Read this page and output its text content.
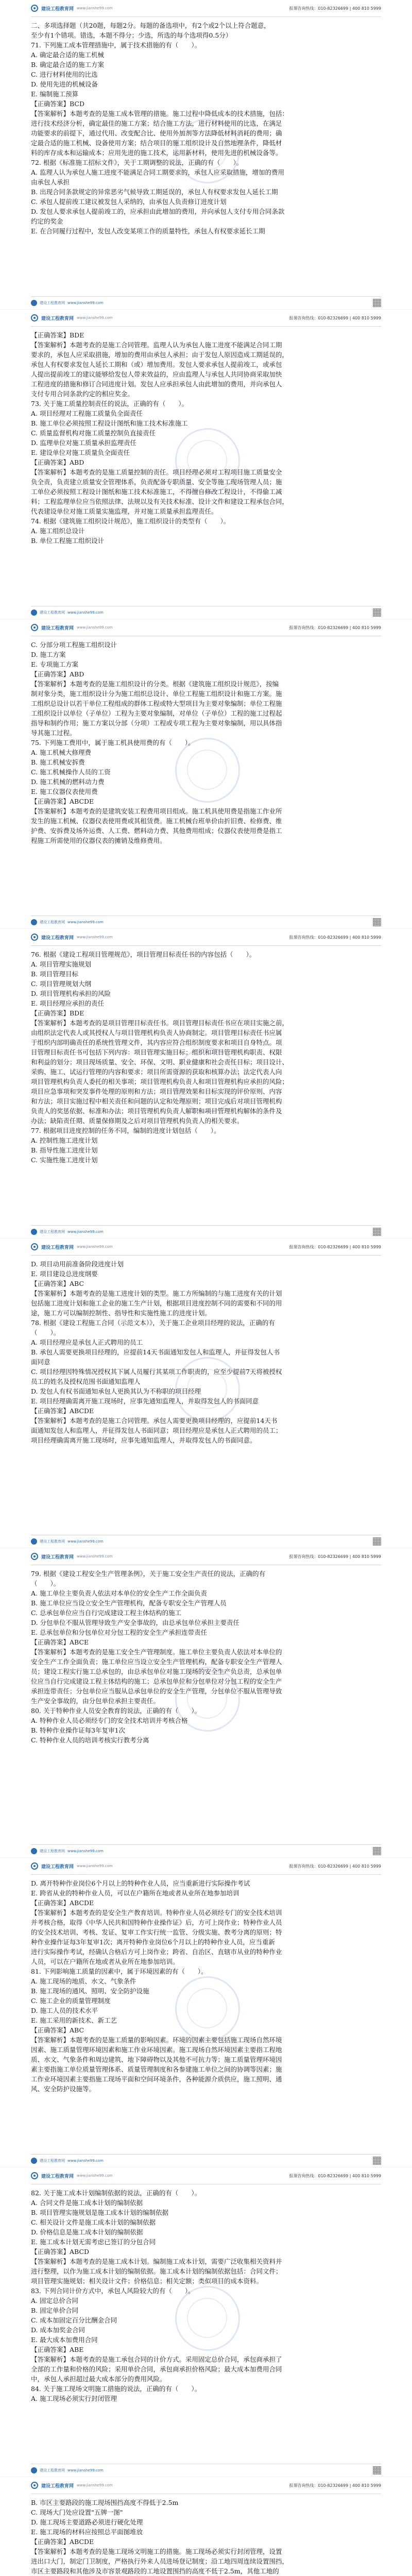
建设工程教育网 www.jianshe99.com	报课咨询热线：010-82326699 | 400 810 5999
二、多项选择题（共20题，每题2分。每题的备选项中，有2个或2个以上符合题意，
至少有1个错项。错选，本题不得分；少选，所选的每个选项得0.5分）
71. 下列施工成本管理措施中，属于技术措施的有（　　）。
A. 确定最合适的施工机械
B. 确定最合适的施工方案
C. 进行材料使用的比选
D. 使用先进的机械设备
E. 编制施工预算
【正确答案】BCD
【答案解析】本题考查的是施工成本管理的措施。施工过程中降低成本的技术措施，包括：
进行技术经济分析，确定最佳的施工方案；结合施工方法，进行材料使用的比选，在满足
功能要求的前提下，通过代用、改变配合比、使用外加剂等方法降低材料消耗的费用；确
定最合适的施工机械、设备使用方案；结合项目的施工组织设计及自然地理条件，降低材
料的库存成本和运输成本；应用先进的施工技术，运用新材料，使用先进的机械设备等。
72. 根据《标准施工招标文件》，关于工期调整的说法，正确的有（　　）。
A. 监理人认为承包人施工进度不能满足合同工期要求的，承包人应采取措施，增加的费用
由承包人承担
B. 出现合同条款规定的异常恶劣气候导致工期延误的，承包人有权要求发包人延长工期
C. 承包人提前竣工建议被发包人采纳的，由承包人负责修订进度计划
D. 发包人要求承包人提前竣工的，应承担由此增加的费用，并向承包人支付专用合同条款
约定的奖金
E. 在合同履行过程中，发包人改变某项工作的质量特性，承包人有权要求延长工期
建设工程教育网 www.jianshe99.com
建设工程教育网 www.jianshe99.com	报课咨询热线：010-82326699 | 400 810 5999
【正确答案】BDE
【答案解析】本题考查的是施工合同管理。监理人认为承包人施工进度不能满足合同工期
要求的，承包人应采取措施，增加的费用由承包人承担；由于发包人原因造成工期延误的，
承包人有权要求发包人延长工期和（或）增加费用。发包人要求承包人提前竣工，或承包
人提出提前竣工的建议能够给发包人带来效益的，应由监理人与承包人共同协商采取加快
工程进度的措施和修订合同进度计划。发包人应承担承包人由此增加的费用，并向承包人
支付专用合同条款约定的相应奖金。
73. 关于施工质量控制责任的说法，正确的有（　　）。
A. 项目经理对工程施工质量负全面责任
B. 施工单位必须按照工程设计图纸和施工技术标准施工
C. 质量监督机构对施工质量控制负直接责任
D. 监理单位对施工质量承担监理责任
E. 建设单位对施工质量负全面责任
【正确答案】ABD
【答案解析】本题考查的是施工质量控制的责任。项目经理必须对工程项目施工质量安全
负全责，负责建立质量安全管理体系，负责配备专职质量、安全等施工现场管理人员；施
工单位必须按照工程设计图纸和施工技术标准施工，不得擅自修改工程设计，不得偷工减
料；工程监理单位应当依照法律、法规以及有关技术标准、设计文件和建设工程承包合同，
代表建设单位对施工质量实施监理，并对施工质量承担监理责任。
74. 根据《建筑施工组织设计规范》，施工组织设计的类型有（　　）。
A. 施工组织总设计
B. 单位工程施工组织设计
建设工程教育网 www.jianshe99.com
建设工程教育网 www.jianshe99.com	报课咨询热线：010-82326699 | 400 810 5999
C. 分部分项工程施工组织设计
D. 施工方案
E. 专项施工方案
【正确答案】ABD
【答案解析】本题考查的是施工组织设计的分类。根据《建筑施工组织设计规范》，按编
制对象分类，施工组织设计分为施工组织总设计、单位工程施工组织设计和施工方案。施
工组织总设计以若干单位工程组成的群体工程或特大型项目为主要对象编制；单位工程施
工组织设计以单位（子单位）工程为主要对象编制，对单位（子单位）工程的施工过程起
指导和制约作用；施工方案以分部（分项）工程或专项工程为主要对象编制，用以具体指
导其施工过程。
75. 下列施工费用中，属于施工机具使用费的有（　　）。
A. 施工机械大修理费
B. 施工机械安拆费
C. 施工机械操作人员的工资
D. 施工机械的燃料动力费
E. 施工仪器仪表使用费
【正确答案】ABCDE
【答案解析】本题考查的是建筑安装工程费用项目组成。施工机具使用费是指施工作业所
发生的施工机械、仪器仪表使用费或其租赁费。施工机械台班单价由折旧费、检修费、维
护费、安拆费及场外运费、人工费、燃料动力费、其他费用组成；仪器仪表使用费是指工
程施工所需使用的仪器仪表的摊销及维修费用。
建设工程教育网 www.jianshe99.com
建设工程教育网 www.jianshe99.com	报课咨询热线：010-82326699 | 400 810 5999
76. 根据《建设工程项目管理规范》，项目管理目标责任书的内容包括（　　）。
A. 项目管理实施规划
B. 项目管理目标
C. 项目管理规划大纲
D. 项目管理机构承担的风险
E. 项目经理应承担的责任
【正确答案】BDE
【答案解析】本题考查的是项目管理目标责任书。项目管理目标责任书应在项目实施之前，
由组织法定代表人或其授权人与项目管理机构负责人协商制定。项目管理目标责任书应属
于组织内部明确责任的系统性管理文件，其内容应符合组织制度要求和项目自身特点。项
目管理目标责任书可包括下列内容：项目管理实施目标；组织和项目管理机构职责、权限
和利益的划分；项目现场质量、安全、环保、文明、职业健康和社会责任目标；项目设计、
采购、施工、试运行管理的内容和要求；项目所需资源的获取和核算办法；法定代表人向
项目管理机构负责人委托的相关事项；项目管理机构负责人和项目管理机构应承担的风险；
项目应急事项和突发事件处理的原则和方法；项目管理效果和目标实现的评价原则、内容
和方法；项目实施过程中相关责任和问题的认定和处理原则；项目完成后对项目管理机构
负责人的奖惩依据、标准和办法；项目管理机构负责人解职和项目管理机构解体的条件及
办法；缺陷责任期、质量保修期及之后对项目管理机构负责人的相关要求。
77. 根据项目进度控制的任务不同，编制的进度计划包括（　　）。
A. 控制性施工进度计划
B. 指导性施工进度计划
C. 实施性施工进度计划
建设工程教育网 www.jianshe99.com
建设工程教育网 www.jianshe99.com	报课咨询热线：010-82326699 | 400 810 5999
D. 项目动用前准备阶段进度计划
E. 项目建设总进度纲要
【正确答案】ABC
【答案解析】本题考查的是施工进度计划的类型。施工方所编制的与施工进度有关的计划
包括施工进度计划和施工企业的施工生产计划，根据项目进度控制不同的需要和不同的用
途，施工方可以编制控制性、指导性和实施性施工的进度计划。
78. 根据《建设工程施工合同（示范文本）》，关于施工企业项目经理的说法，正确的有
（　　）。
A. 项目经理应是承包人正式聘用的员工
B. 承包人需要更换项目经理的，应提前14天书面通知发包人和监理人，并征得发包人书
面同意
C. 项目经理因特殊情况授权其下属人员履行其某项工作职责的，应至少提前7天将被授权
员工的姓名及授权范围书面通知监理人
D. 发包人有权书面通知承包人更换其认为不称职的项目经理
E. 项目经理确需离开施工现场时，应事先通知监理人，并取得发包人的书面同意
【正确答案】ABCDE
【答案解析】本题考查的是施工合同管理。承包人需要更换项目经理的，应提前14天书
面通知发包人和监理人，并征得发包人书面同意；项目经理应是承包人正式聘用的员工；
项目经理确需离开施工现场时，应事先通知监理人，并取得发包人的书面同意。
建设工程教育网 www.jianshe99.com
建设工程教育网 www.jianshe99.com	报课咨询热线：010-82326699 | 400 810 5999
79. 根据《建设工程安全生产管理条例》，关于施工安全生产责任的说法，正确的有
（　　）。
A. 施工单位主要负责人依法对本单位的安全生产工作全面负责
B. 施工单位应当设立安全生产管理机构，配备专职安全生产管理人员
C. 总承包单位应当自行完成建设工程主体结构的施工
D. 分包单位不服从管理导致生产安全事故的，由总承包单位承担主要责任
E. 总承包单位和分包单位对分包工程的安全生产承担连带责任
【正确答案】ABCE
【答案解析】本题考查的是施工安全生产管理制度。施工单位主要负责人依法对本单位的
安全生产工作全面负责；施工单位应当设立安全生产管理机构，配备专职安全生产管理人
员；建设工程实行施工总承包的，由总承包单位对施工现场的安全生产负总责，总承包单
位应当自行完成建设工程主体结构的施工；总承包单位和分包单位对分包工程的安全生产
承担连带责任；分包单位应当服从总承包单位的安全生产管理，分包单位不服从管理导致
生产安全事故的，由分包单位承担主要责任。
80. 关于特种作业人员安全教育的说法，正确的有（　　）。
A. 特种作业人员必须经专门的安全技术培训并考核合格
B. 特种作业操作证每3年复审1次
C. 特种作业人员的培训考核实行教考分离
建设工程教育网 www.jianshe99.com
建设工程教育网 www.jianshe99.com	报课咨询热线：010-82326699 | 400 810 5999
D. 离开特种作业岗位6个月以上的特种作业人员，应当重新进行实际操作考试
E. 跨省从业的特种作业人员，可以在户籍所在地或者从业所在地参加培训
【正确答案】ABCDE
【答案解析】本题考查的是安全生产教育培训。特种作业人员必须经专门的安全技术培训
并考核合格，取得《中华人民共和国特种作业操作证》后，方可上岗作业；特种作业人员
的安全技术培训、考核、发证、复审工作实行统一监管、分级实施、教考分离的原则；特
种作业操作证每3年复审1次；离开特种作业岗位6个月以上的特种作业人员，应当重新
进行实际操作考试，经确认合格后方可上岗作业；跨省、自治区、直辖市从业的特种作业
人员，可以在户籍所在地或者从业所在地参加培训。
81. 下列影响施工质量的因素中，属于环境因素的有（　　）。
A. 施工现场的地质、水文、气象条件
B. 施工现场的通风、照明、安全防护设施
C. 施工企业的质量管理制度
D. 施工人员的技术水平
E. 施工采用的新技术、新工艺
【正确答案】ABC
【答案解析】本题考查的是施工质量的影响因素。环境的因素主要包括施工现场自然环境
因素、施工质量管理环境因素和施工作业环境因素。施工现场自然环境因素主要指工程地
质、水文、气象条件和周边建筑、地下障碍物以及其他不可抗力等；施工质量管理环境因
素主要指施工单位质量管理体系、质量管理制度和各参建施工单位之间的协调等因素；施
工作业环境因素主要指施工现场平面和空间环境条件，各种能源介质供应，施工照明、通
风、安全防护设施等。
建设工程教育网 www.jianshe99.com
建设工程教育网 www.jianshe99.com	报课咨询热线：010-82326699 | 400 810 5999
82. 关于施工成本计划编制依据的说法，正确的有（　　）。
A. 合同文件是施工成本计划的编制依据
B. 项目管理实施规划是施工成本计划的编制依据
C. 相关设计文件是施工成本计划的编制依据
D. 价格信息是施工成本计划的编制依据
E. 施工成本计划无需考虑已签订的分包合同
【正确答案】ABCD
【答案解析】本题考查的是施工成本计划。编制施工成本计划，需要广泛收集相关资料并
进行整理，以作为施工成本计划的编制依据。施工成本计划的编制依据包括：合同文件；
项目管理实施规划；相关设计文件；价格信息；相关定额；类似项目的成本资料。
83. 下列合同计价方式中，承包人风险较大的有（　　）。
A. 固定总价合同
B. 固定单价合同
C. 成本加固定百分比酬金合同
D. 成本加奖金合同
E. 最大成本加费用合同
【正确答案】ABE
【答案解析】本题考查的是施工承包合同的计价方式。采用固定总价合同，承包商承担了
全部的工作量和价格的风险；采用单价合同，承包商承担价格风险；最大成本加费用合同
中，承包人承担超过最大成本部分的费用风险。
84. 关于施工现场文明施工措施的说法，正确的有（　　）。
A. 施工现场必须实行封闭管理
建设工程教育网 www.jianshe99.com
建设工程教育网 www.jianshe99.com	报课咨询热线：010-82326699 | 400 810 5999
B. 市区主要路段的施工现场围挡高度不得低于2.5m
C. 现场大门处应设置"五牌一图"
D. 施工现场主要道路必须进行硬化处理
E. 施工现场的材料应按照总平面图堆放
【正确答案】ABCDE
【答案解析】本题考查的是施工现场文明施工的措施。施工现场必须实行封闭管理，设置
进出口大门，制定门卫制度，严格执行外来人员进场登记制度；沿工地四周连续设置围挡，
市区主要路段和其他涉及市容景观路段的工地设置围挡的高度不低于2.5m，其他工地的
